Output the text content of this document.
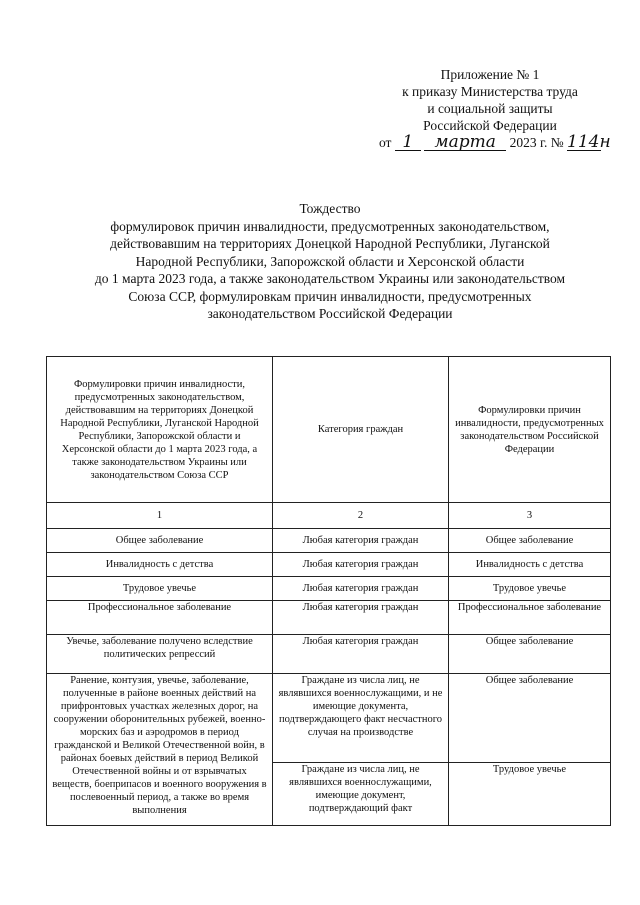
Приложение № 1
к приказу Министерства труда
и социальной защиты
Российской Федерации
от 1 марта 2023 г. № 114н
Тождество
формулировок причин инвалидности, предусмотренных законодательством,
действовавшим на территориях Донецкой Народной Республики, Луганской
Народной Республики, Запорожской области и Херсонской области
до 1 марта 2023 года, а также законодательством Украины или законодательством
Союза ССР, формулировкам причин инвалидности, предусмотренных
законодательством Российской Федерации
Формулировки причин инвалидности, предусмотренных законодательством, действовавшим на территориях Донецкой Народной Республики, Луганской Народной Республики, Запорожской области и Херсонской области до 1 марта 2023 года, а также законодательством Украины или законодательством Союза ССР	Категория граждан	Формулировки причин инвалидности, предусмотренных законодательством Российской Федерации
1	2	3
Общее заболевание	Любая категория граждан	Общее заболевание
Инвалидность с детства	Любая категория граждан	Инвалидность с детства
Трудовое увечье	Любая категория граждан	Трудовое увечье
Профессиональное заболевание	Любая категория граждан	Профессиональное заболевание
Увечье, заболевание получено вследствие политических репрессий	Любая категория граждан	Общее заболевание
Ранение, контузия, увечье, заболевание, полученные в районе военных действий на прифронтовых участках железных дорог, на сооружении оборонительных рубежей, военно-морских баз и аэродромов в период гражданской и Великой Отечественной войн, в районах боевых действий в период Великой Отечественной войны и от взрывчатых веществ, боеприпасов и военного вооружения в послевоенный период, а также во время выполнения	Граждане из числа лиц, не являвшихся военнослужащими, и не имеющие документа, подтверждающего факт несчастного случая на производстве	Общее заболевание
	Граждане из числа лиц, не являвшихся военнослужащими, имеющие документ, подтверждающий факт	Трудовое увечье
